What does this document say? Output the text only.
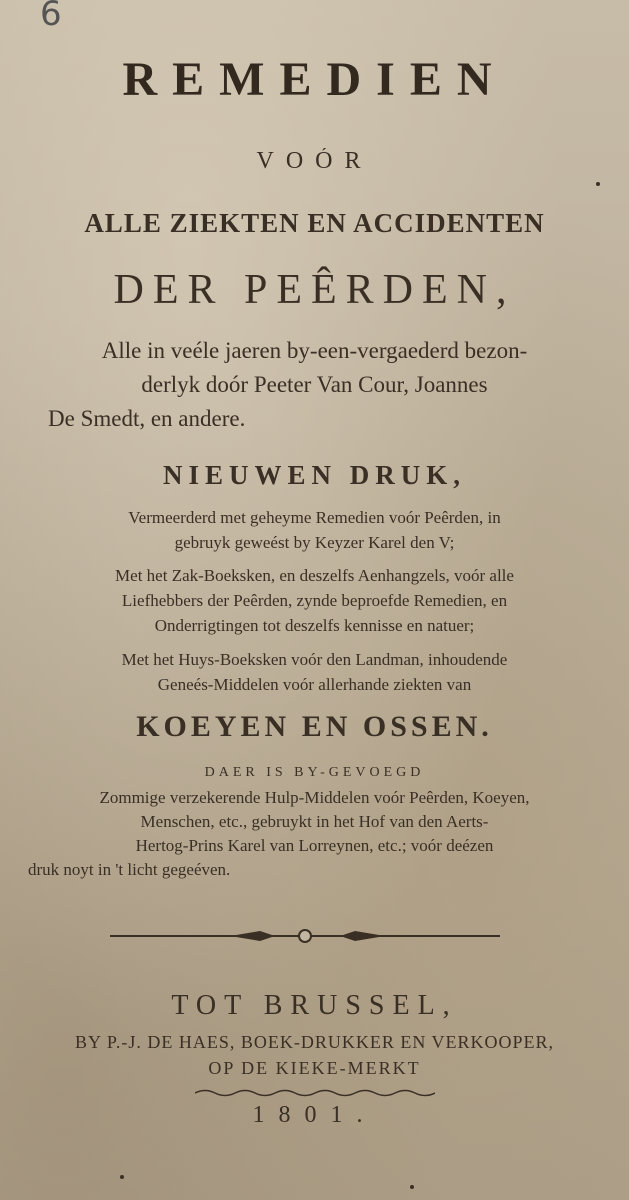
6
REMEDIEN
VOÓR
ALLE ZIEKTEN EN ACCIDENTEN
DER PEÊRDEN,
Alle in veéle jaeren by-een-vergaederd bezon-
derlyk doór Peeter Van Cour, Joannes
De Smedt, en andere.
NIEUWEN DRUK,
Vermeerderd met geheyme Remedien voór Peêrden, in
gebruyk geweést by Keyzer Karel den V;
Met het Zak-Boeksken, en deszelfs Aenhangzels, voór alle
Liefhebbers der Peêrden, zynde beproefde Remedien, en
Onderrigtingen tot deszelfs kennisse en natuer;
Met het Huys-Boeksken voór den Landman, inhoudende
Geneés-Middelen voór allerhande ziekten van
KOEYEN EN OSSEN.
DAER IS BY-GEVOEGD
Zommige verzekerende Hulp-Middelen voór Peêrden, Koeyen,
Menschen, etc., gebruykt in het Hof van den Aerts-
Hertog-Prins Karel van Lorreynen, etc.; voór deézen
druk noyt in 't licht gegeéven.
TOT BRUSSEL,
BY P.-J. DE HAES, BOEK-DRUKKER EN VERKOOPER,
OP DE KIEKE-MERKT
1801.
